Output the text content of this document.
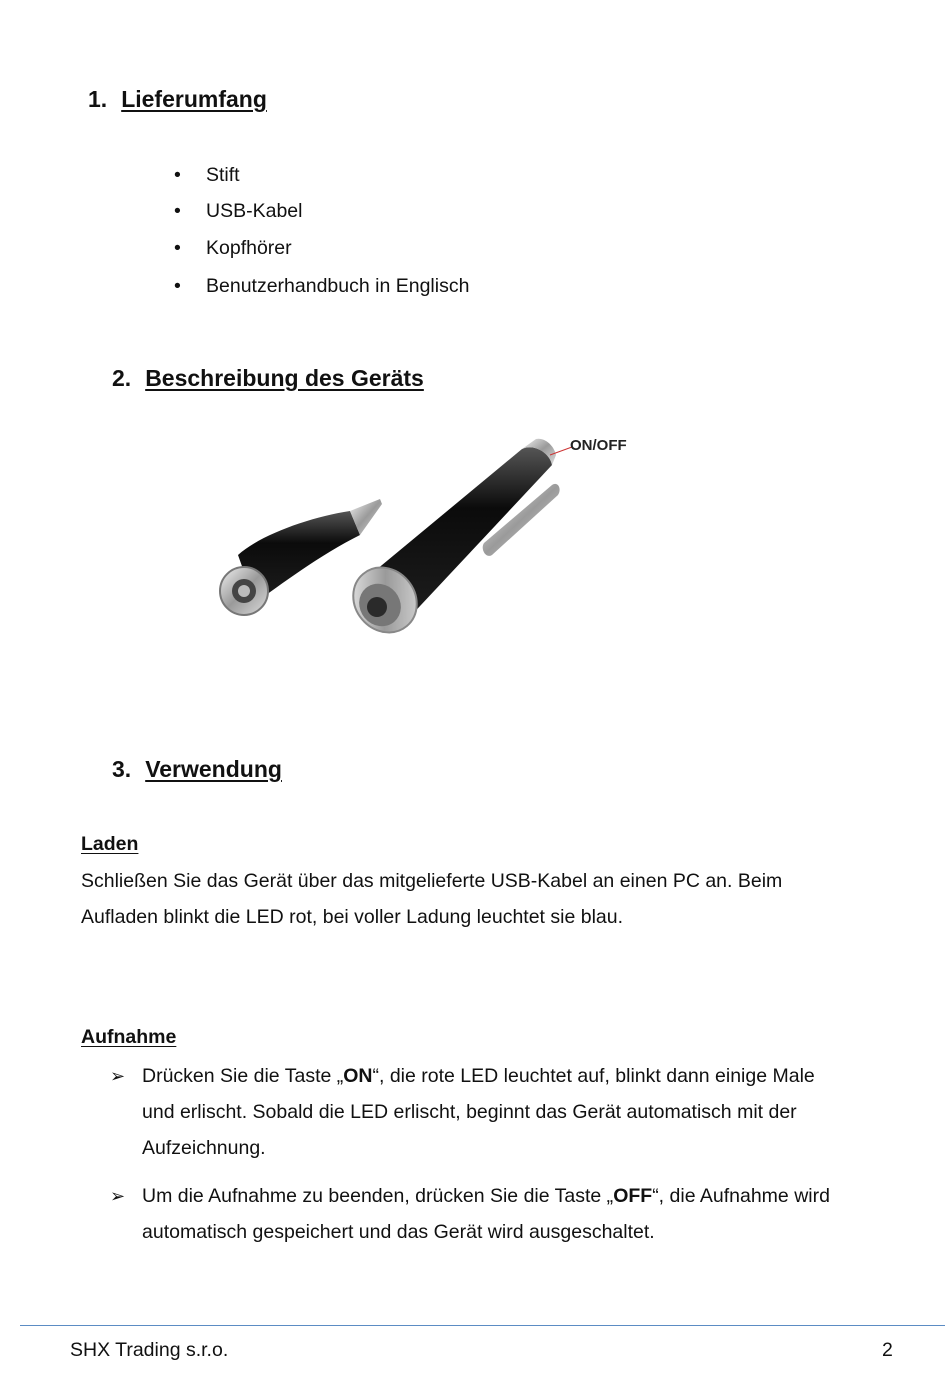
1. Lieferumfang
• Stift
• USB-Kabel
• Kopfhörer
• Benutzerhandbuch in Englisch
2. Beschreibung des Geräts
ON/OFF
3. Verwendung
Laden
Schließen Sie das Gerät über das mitgelieferte USB-Kabel an einen PC an. Beim
Aufladen blinkt die LED rot, bei voller Ladung leuchtet sie blau.
Aufnahme
➢ Drücken Sie die Taste „ON“, die rote LED leuchtet auf, blinkt dann einige Male
und erlischt. Sobald die LED erlischt, beginnt das Gerät automatisch mit der
Aufzeichnung.
➢ Um die Aufnahme zu beenden, drücken Sie die Taste „OFF“, die Aufnahme wird
automatisch gespeichert und das Gerät wird ausgeschaltet.
SHX Trading s.r.o.	2
